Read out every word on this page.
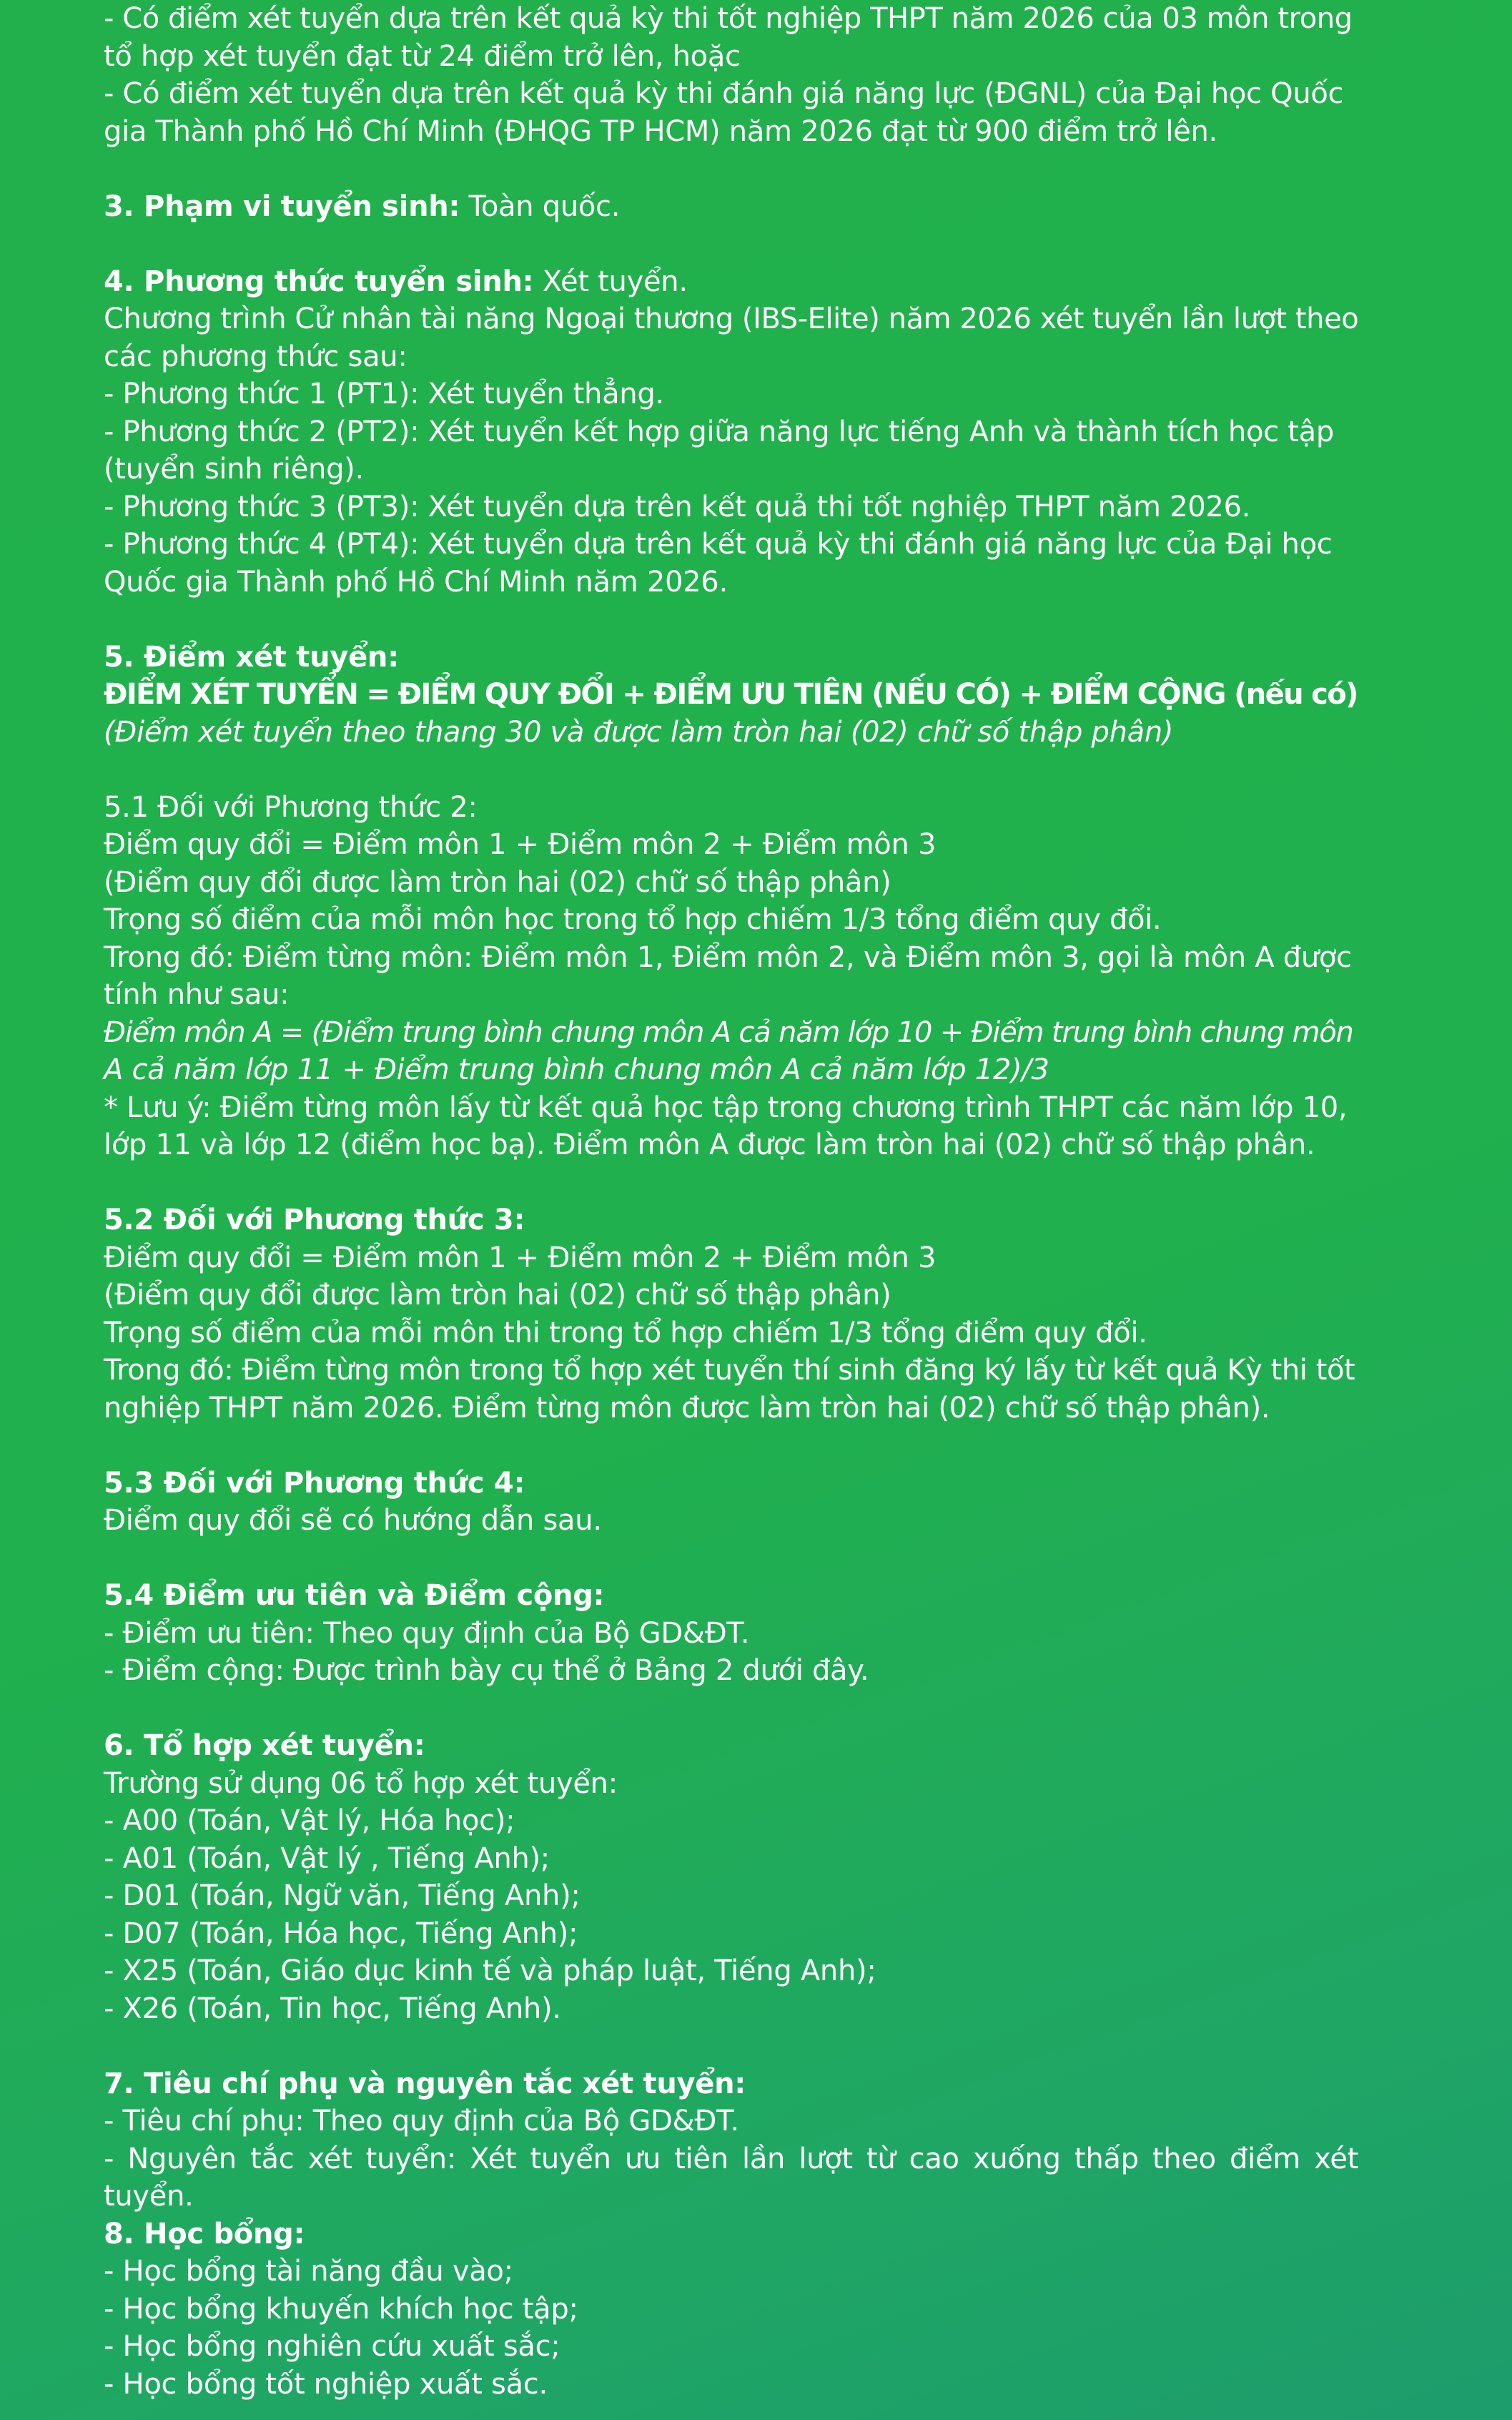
- Có điểm xét tuyển dựa trên kết quả kỳ thi tốt nghiệp THPT năm 2026 của 03 môn trong
tổ hợp xét tuyển đạt từ 24 điểm trở lên, hoặc
- Có điểm xét tuyển dựa trên kết quả kỳ thi đánh giá năng lực (ĐGNL) của Đại học Quốc
gia Thành phố Hồ Chí Minh (ĐHQG TP HCM) năm 2026 đạt từ 900 điểm trở lên.
3. Phạm vi tuyển sinh: Toàn quốc.
4. Phương thức tuyển sinh: Xét tuyển.
Chương trình Cử nhân tài năng Ngoại thương (IBS-Elite) năm 2026 xét tuyển lần lượt theo
các phương thức sau:
- Phương thức 1 (PT1): Xét tuyển thẳng.
- Phương thức 2 (PT2): Xét tuyển kết hợp giữa năng lực tiếng Anh và thành tích học tập
(tuyển sinh riêng).
- Phương thức 3 (PT3): Xét tuyển dựa trên kết quả thi tốt nghiệp THPT năm 2026.
- Phương thức 4 (PT4): Xét tuyển dựa trên kết quả kỳ thi đánh giá năng lực của Đại học
Quốc gia Thành phố Hồ Chí Minh năm 2026.
5. Điểm xét tuyển:
ĐIỂM XÉT TUYỂN = ĐIỂM QUY ĐỔI + ĐIỂM ƯU TIÊN (NẾU CÓ) + ĐIỂM CỘNG (nếu có)
(Điểm xét tuyển theo thang 30 và được làm tròn hai (02) chữ số thập phân)
5.1 Đối với Phương thức 2:
Điểm quy đổi = Điểm môn 1 + Điểm môn 2 + Điểm môn 3
(Điểm quy đổi được làm tròn hai (02) chữ số thập phân)
Trọng số điểm của mỗi môn học trong tổ hợp chiếm 1/3 tổng điểm quy đổi.
Trong đó: Điểm từng môn: Điểm môn 1, Điểm môn 2, và Điểm môn 3, gọi là môn A được
tính như sau:
Điểm môn A = (Điểm trung bình chung môn A cả năm lớp 10 + Điểm trung bình chung môn
A cả năm lớp 11 + Điểm trung bình chung môn A cả năm lớp 12)/3
* Lưu ý: Điểm từng môn lấy từ kết quả học tập trong chương trình THPT các năm lớp 10,
lớp 11 và lớp 12 (điểm học bạ). Điểm môn A được làm tròn hai (02) chữ số thập phân.
5.2 Đối với Phương thức 3:
Điểm quy đổi = Điểm môn 1 + Điểm môn 2 + Điểm môn 3
(Điểm quy đổi được làm tròn hai (02) chữ số thập phân)
Trọng số điểm của mỗi môn thi trong tổ hợp chiếm 1/3 tổng điểm quy đổi.
Trong đó: Điểm từng môn trong tổ hợp xét tuyển thí sinh đăng ký lấy từ kết quả Kỳ thi tốt
nghiệp THPT năm 2026. Điểm từng môn được làm tròn hai (02) chữ số thập phân).
5.3 Đối với Phương thức 4:
Điểm quy đổi sẽ có hướng dẫn sau.
5.4 Điểm ưu tiên và Điểm cộng:
- Điểm ưu tiên: Theo quy định của Bộ GD&ĐT.
- Điểm cộng: Được trình bày cụ thể ở Bảng 2 dưới đây.
6. Tổ hợp xét tuyển:
Trường sử dụng 06 tổ hợp xét tuyển:
- A00 (Toán, Vật lý, Hóa học);
- A01 (Toán, Vật lý , Tiếng Anh);
- D01 (Toán, Ngữ văn, Tiếng Anh);
- D07 (Toán, Hóa học, Tiếng Anh);
- X25 (Toán, Giáo dục kinh tế và pháp luật, Tiếng Anh);
- X26 (Toán, Tin học, Tiếng Anh).
7. Tiêu chí phụ và nguyên tắc xét tuyển:
- Tiêu chí phụ: Theo quy định của Bộ GD&ĐT.
- Nguyên tắc xét tuyển: Xét tuyển ưu tiên lần lượt từ cao xuống thấp theo điểm xét
tuyển.
8. Học bổng:
- Học bổng tài năng đầu vào;
- Học bổng khuyến khích học tập;
- Học bổng nghiên cứu xuất sắc;
- Học bổng tốt nghiệp xuất sắc.
